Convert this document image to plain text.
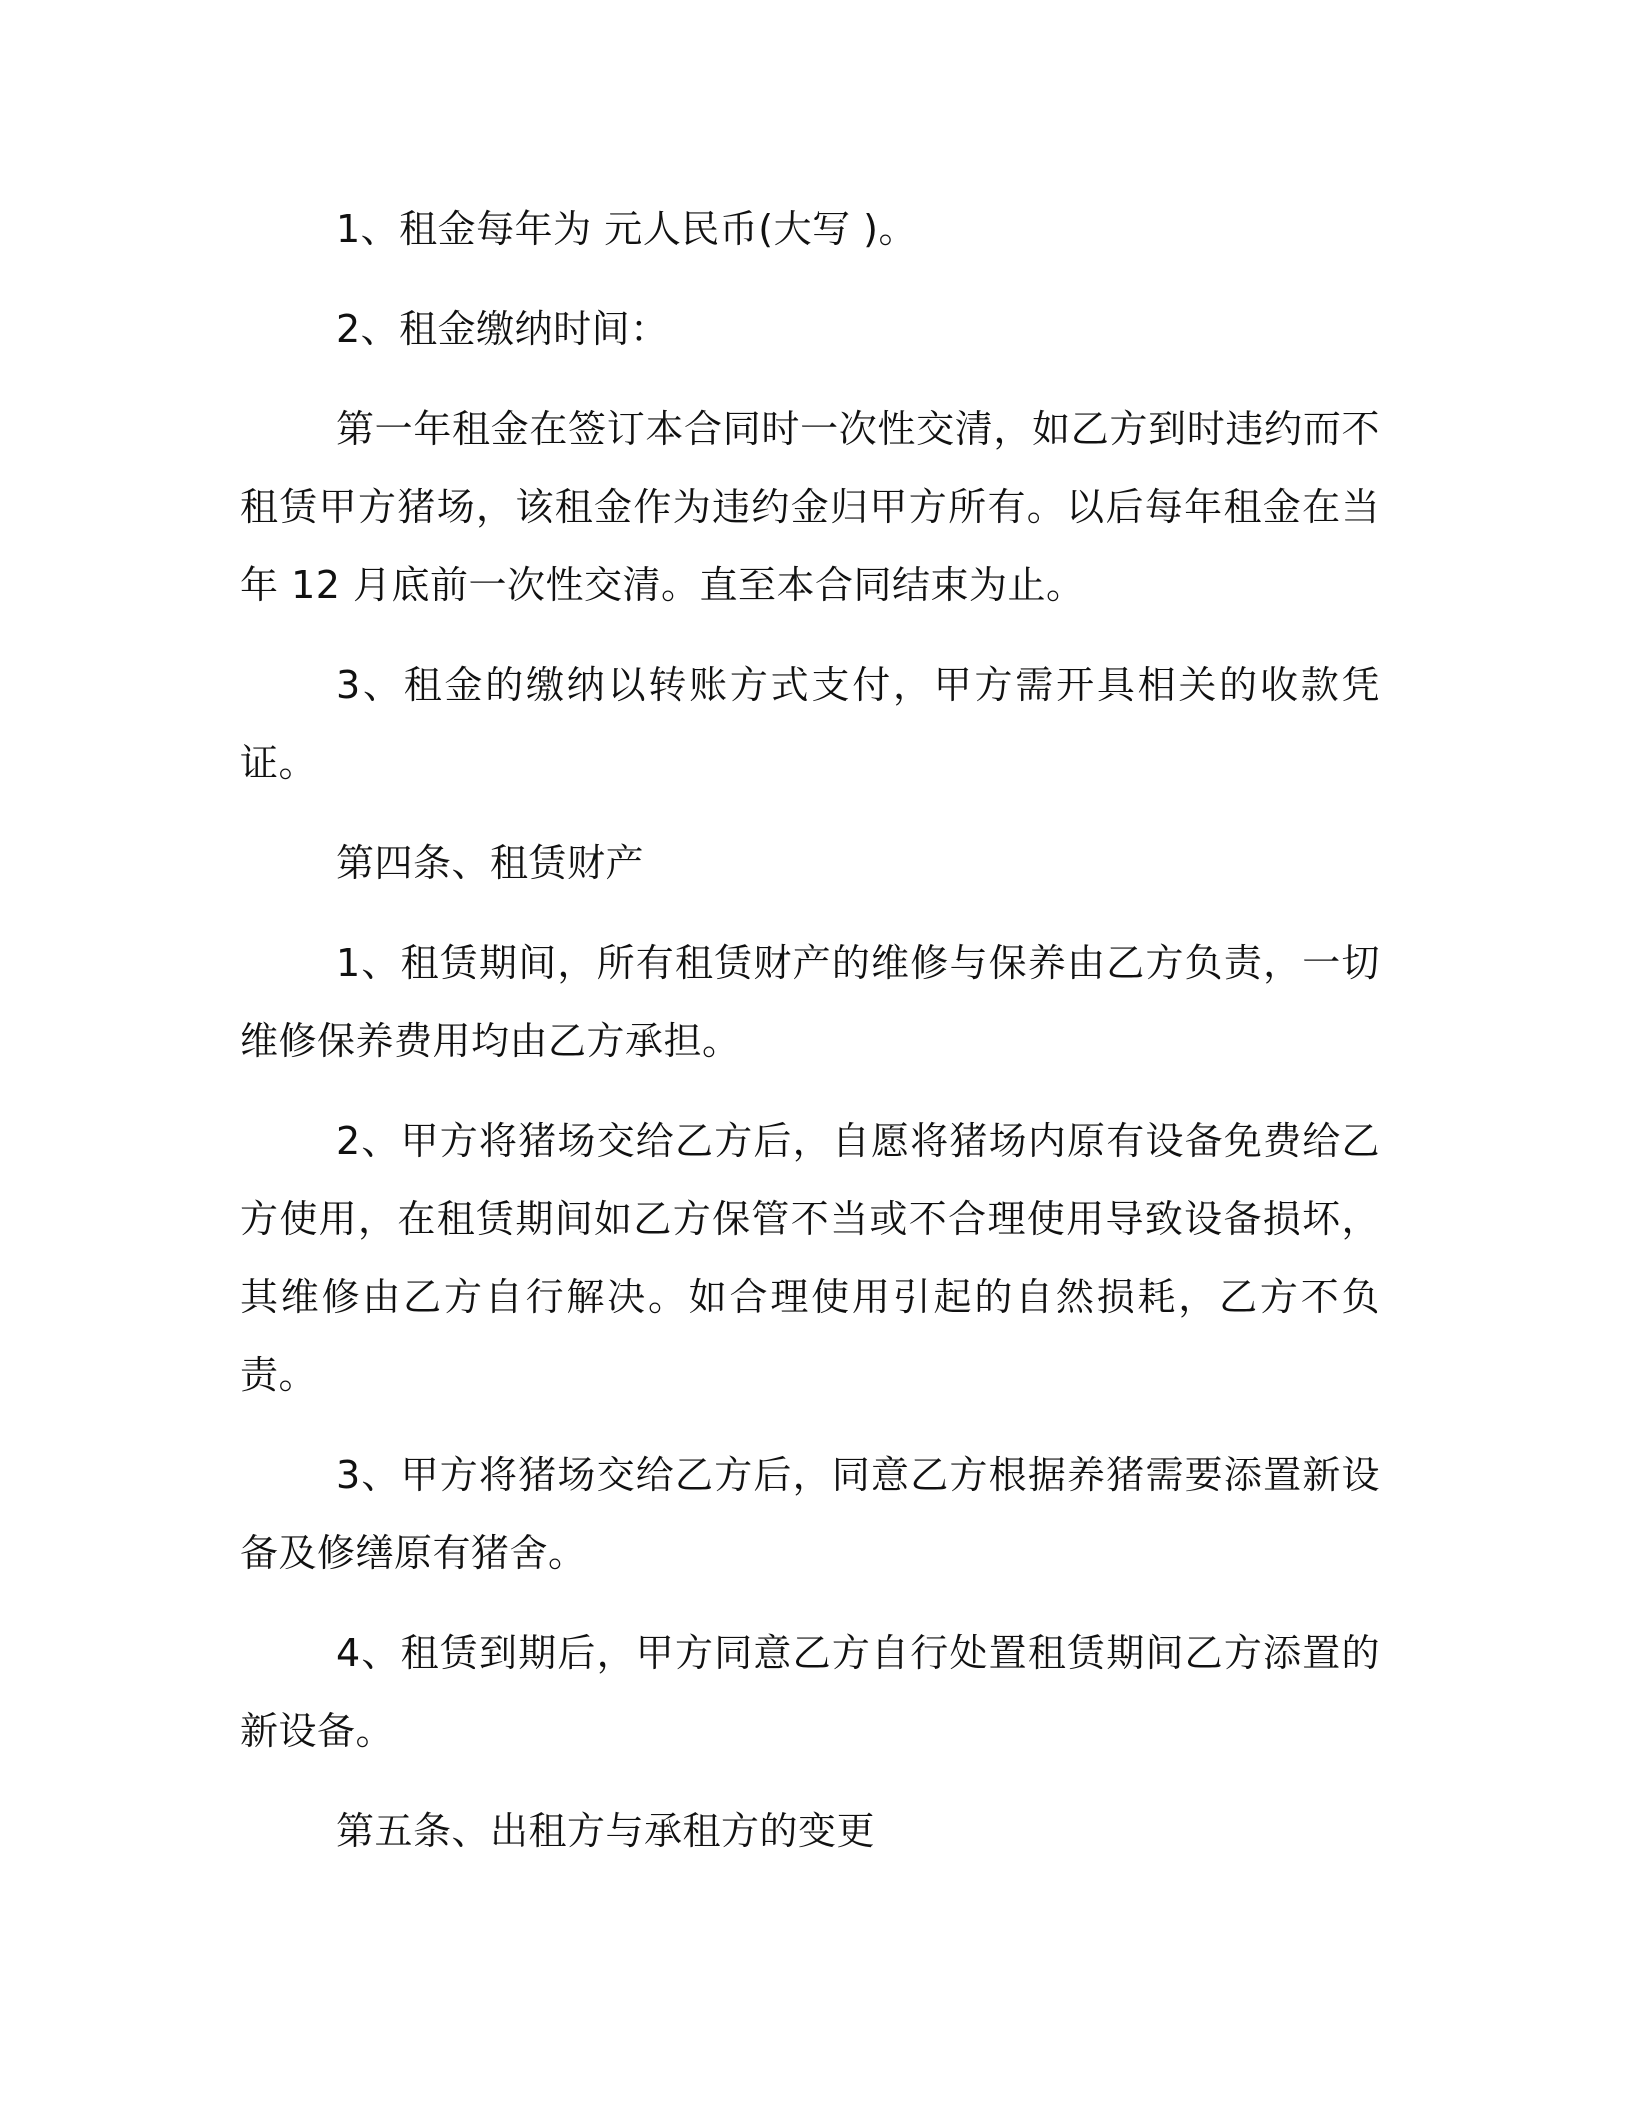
1、租金每年为 元人民币(大写 )。

2、租金缴纳时间：

第一年租金在签订本合同时一次性交清，如乙方到时违约而不租赁甲方猪场，该租金作为违约金归甲方所有。以后每年租金在当年 12 月底前一次性交清。直至本合同结束为止。

3、租金的缴纳以转账方式支付，甲方需开具相关的收款凭证。

第四条、租赁财产

1、租赁期间，所有租赁财产的维修与保养由乙方负责，一切维修保养费用均由乙方承担。

2、甲方将猪场交给乙方后，自愿将猪场内原有设备免费给乙方使用，在租赁期间如乙方保管不当或不合理使用导致设备损坏，其维修由乙方自行解决。如合理使用引起的自然损耗，乙方不负责。

3、甲方将猪场交给乙方后，同意乙方根据养猪需要添置新设备及修缮原有猪舍。

4、租赁到期后，甲方同意乙方自行处置租赁期间乙方添置的新设备。

第五条、出租方与承租方的变更
